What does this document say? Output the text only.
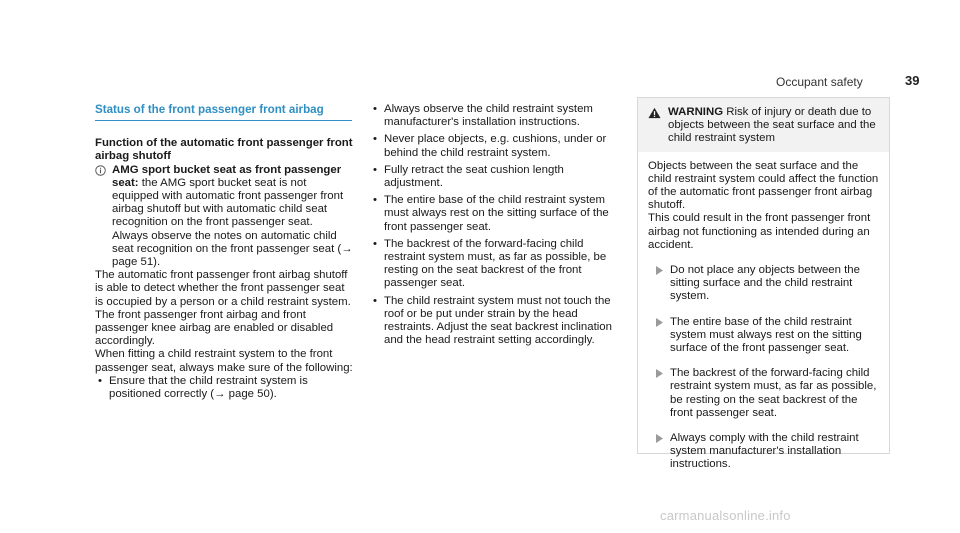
Occupant safety	39
Status of the front passenger front airbag

Function of the automatic front passenger front airbag shutoff

AMG sport bucket seat as front passenger seat: the AMG sport bucket seat is not equipped with automatic front passenger front airbag shutoff but with automatic child seat recognition on the front passenger seat.

Always observe the notes on automatic child seat recognition on the front passenger seat (→ page 51).

The automatic front passenger front airbag shutoff is able to detect whether the front passenger seat is occupied by a person or a child restraint system. The front passenger front airbag and front passenger knee airbag are enabled or disabled accordingly.

When fitting a child restraint system to the front passenger seat, always make sure of the following:

• Ensure that the child restraint system is positioned correctly (→ page 50).
• Always observe the child restraint system manufacturer's installation instructions.
• Never place objects, e.g. cushions, under or behind the child restraint system.
• Fully retract the seat cushion length adjustment.
• The entire base of the child restraint system must always rest on the sitting surface of the front passenger seat.
• The backrest of the forward-facing child restraint system must, as far as possible, be resting on the seat backrest of the front passenger seat.
• The child restraint system must not touch the roof or be put under strain by the head restraints. Adjust the seat backrest inclination and the head restraint setting accordingly.
WARNING Risk of injury or death due to objects between the seat surface and the child restraint system

Objects between the seat surface and the child restraint system could affect the function of the automatic front passenger front airbag shutoff.

This could result in the front passenger front airbag not functioning as intended during an accident.

Do not place any objects between the sitting surface and the child restraint system.
The entire base of the child restraint system must always rest on the sitting surface of the front passenger seat.
The backrest of the forward-facing child restraint system must, as far as possible, be resting on the seat backrest of the front passenger seat.
Always comply with the child restraint system manufacturer's installation instructions.
carmanualsonline.info
